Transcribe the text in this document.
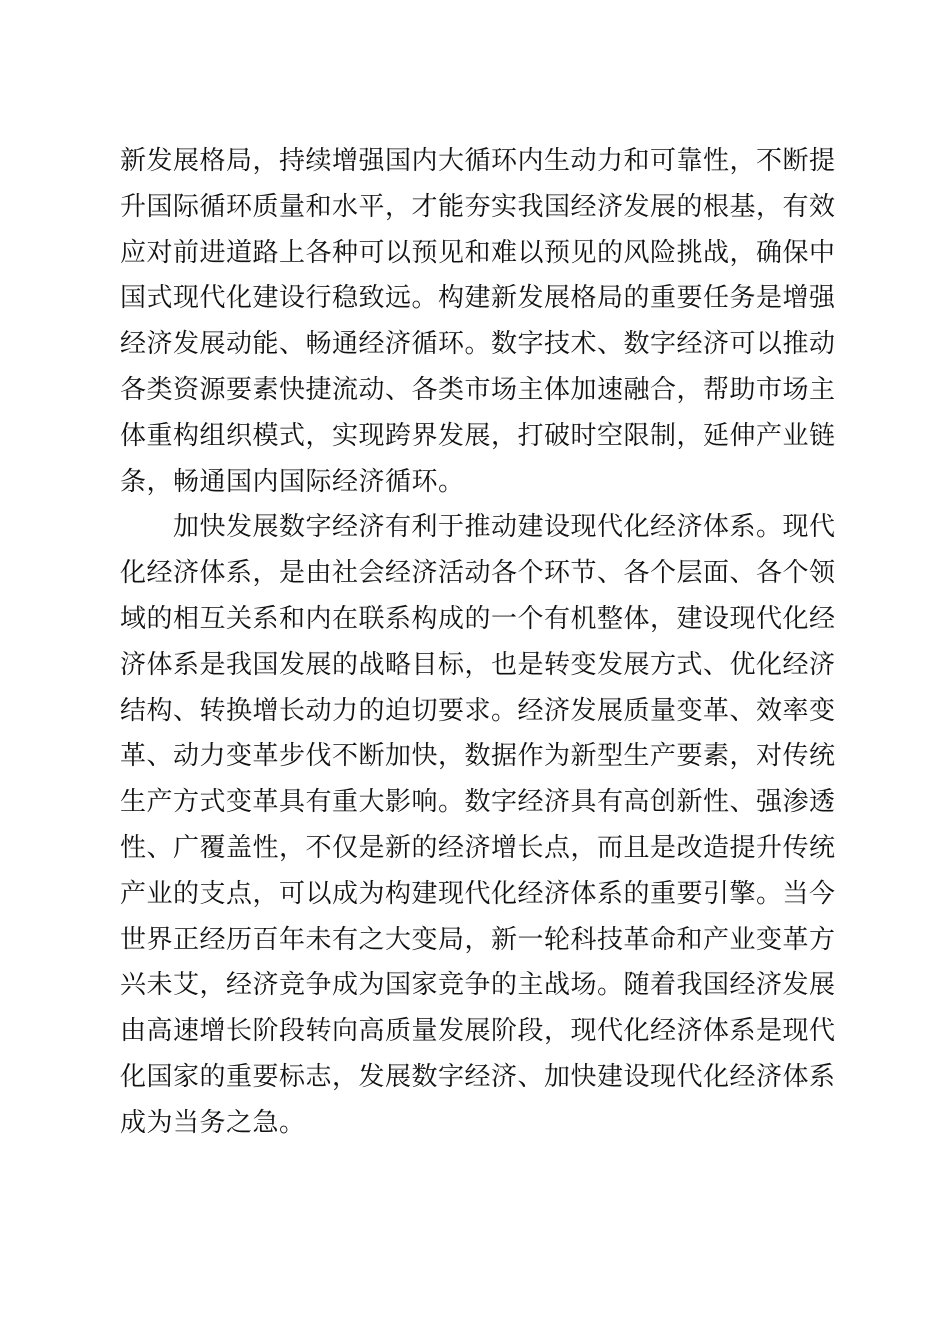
新发展格局，持续增强国内大循环内生动力和可靠性，不断提
升国际循环质量和水平，才能夯实我国经济发展的根基，有效
应对前进道路上各种可以预见和难以预见的风险挑战，确保中
国式现代化建设行稳致远。构建新发展格局的重要任务是增强
经济发展动能、畅通经济循环。数字技术、数字经济可以推动
各类资源要素快捷流动、各类市场主体加速融合，帮助市场主
体重构组织模式，实现跨界发展，打破时空限制，延伸产业链
条，畅通国内国际经济循环。
加快发展数字经济有利于推动建设现代化经济体系。现代
化经济体系，是由社会经济活动各个环节、各个层面、各个领
域的相互关系和内在联系构成的一个有机整体，建设现代化经
济体系是我国发展的战略目标，也是转变发展方式、优化经济
结构、转换增长动力的迫切要求。经济发展质量变革、效率变
革、动力变革步伐不断加快，数据作为新型生产要素，对传统
生产方式变革具有重大影响。数字经济具有高创新性、强渗透
性、广覆盖性，不仅是新的经济增长点，而且是改造提升传统
产业的支点，可以成为构建现代化经济体系的重要引擎。当今
世界正经历百年未有之大变局，新一轮科技革命和产业变革方
兴未艾，经济竞争成为国家竞争的主战场。随着我国经济发展
由高速增长阶段转向高质量发展阶段，现代化经济体系是现代
化国家的重要标志，发展数字经济、加快建设现代化经济体系
成为当务之急。
